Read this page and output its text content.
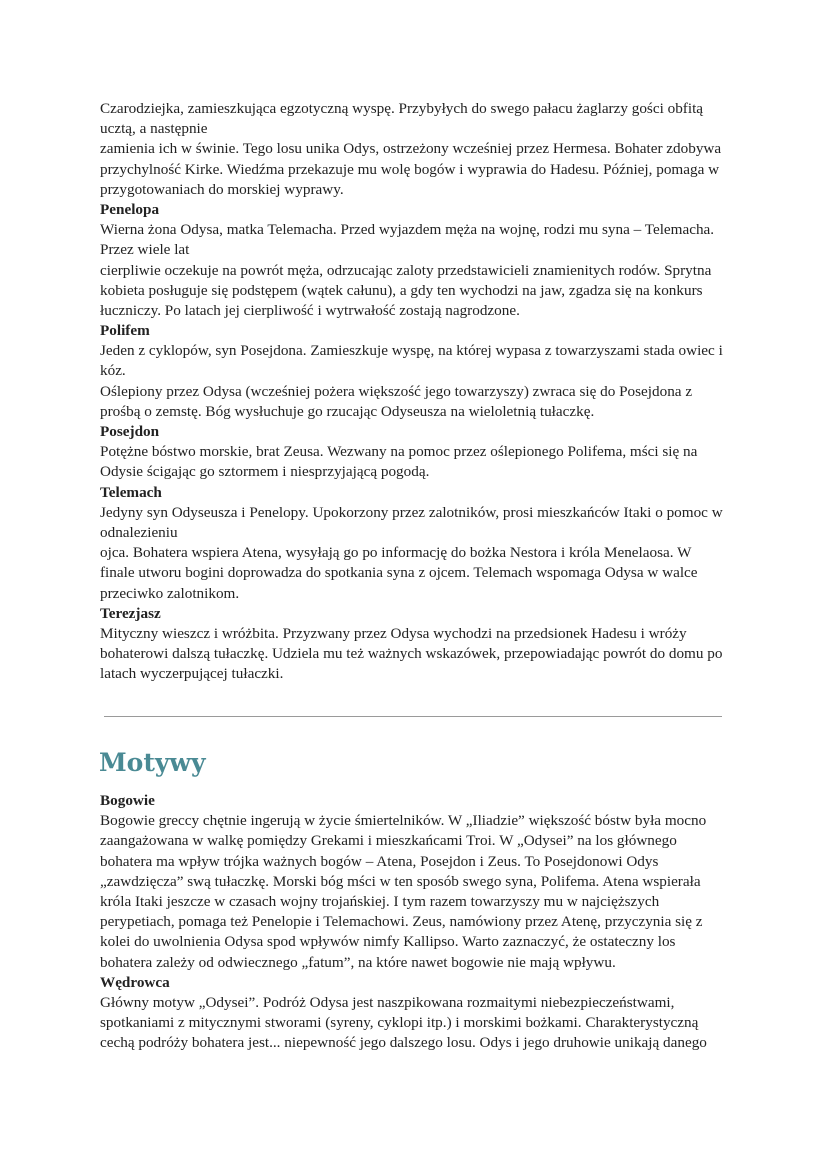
Czarodziejka, zamieszkująca egzotyczną wyspę. Przybyłych do swego pałacu żaglarzy gości obfitą
ucztą, a następnie
zamienia ich w świnie. Tego losu unika Odys, ostrzeżony wcześniej przez Hermesa. Bohater zdobywa
przychylność Kirke. Wiedźma przekazuje mu wolę bogów i wyprawia do Hadesu. Później, pomaga w
przygotowaniach do morskiej wyprawy.
Penelopa
Wierna żona Odysa, matka Telemacha. Przed wyjazdem męża na wojnę, rodzi mu syna – Telemacha.
Przez wiele lat
cierpliwie oczekuje na powrót męża, odrzucając zaloty przedstawicieli znamienitych rodów. Sprytna
kobieta posługuje się podstępem (wątek całunu), a gdy ten wychodzi na jaw, zgadza się na konkurs
łuczniczy. Po latach jej cierpliwość i wytrwałość zostają nagrodzone.
Polifem
Jeden z cyklopów, syn Posejdona. Zamieszkuje wyspę, na której wypasa z towarzyszami stada owiec i
kóz.
Oślepiony przez Odysa (wcześniej pożera większość jego towarzyszy) zwraca się do Posejdona z
prośbą o zemstę. Bóg wysłuchuje go rzucając Odyseusza na wieloletnią tułaczkę.
Posejdon
Potężne bóstwo morskie, brat Zeusa. Wezwany na pomoc przez oślepionego Polifema, mści się na
Odysie ścigając go sztormem i niesprzyjającą pogodą.
Telemach
Jedyny syn Odyseusza i Penelopy. Upokorzony przez zalotników, prosi mieszkańców Itaki o pomoc w
odnalezieniu
ojca. Bohatera wspiera Atena, wysyłają go po informację do bożka Nestora i króla Menelaosa. W
finale utworu bogini doprowadza do spotkania syna z ojcem. Telemach wspomaga Odysa w walce
przeciwko zalotnikom.
Terezjasz
Mityczny wieszcz i wróżbita. Przyzwany przez Odysa wychodzi na przedsionek Hadesu i wróży
bohaterowi dalszą tułaczkę. Udziela mu też ważnych wskazówek, przepowiadając powrót do domu po
latach wyczerpującej tułaczki.
Motywy
Bogowie
Bogowie greccy chętnie ingerują w życie śmiertelników. W „Iliadzie” większość bóstw była mocno
zaangażowana w walkę pomiędzy Grekami i mieszkańcami Troi. W „Odysei” na los głównego
bohatera ma wpływ trójka ważnych bogów – Atena, Posejdon i Zeus. To Posejdonowi Odys
„zawdzięcza” swą tułaczkę. Morski bóg mści w ten sposób swego syna, Polifema. Atena wspierała
króla Itaki jeszcze w czasach wojny trojańskiej. I tym razem towarzyszy mu w najcięższych
perypetiach, pomaga też Penelopie i Telemachowi. Zeus, namówiony przez Atenę, przyczynia się z
kolei do uwolnienia Odysa spod wpływów nimfy Kallipso. Warto zaznaczyć, że ostateczny los
bohatera zależy od odwiecznego „fatum”, na które nawet bogowie nie mają wpływu.
Wędrowca
Główny motyw „Odysei”. Podróż Odysa jest naszpikowana rozmaitymi niebezpieczeństwami,
spotkaniami z mitycznymi stworami (syreny, cyklopi itp.) i morskimi bożkami. Charakterystyczną
cechą podróży bohatera jest... niepewność jego dalszego losu. Odys i jego druhowie unikają danego
